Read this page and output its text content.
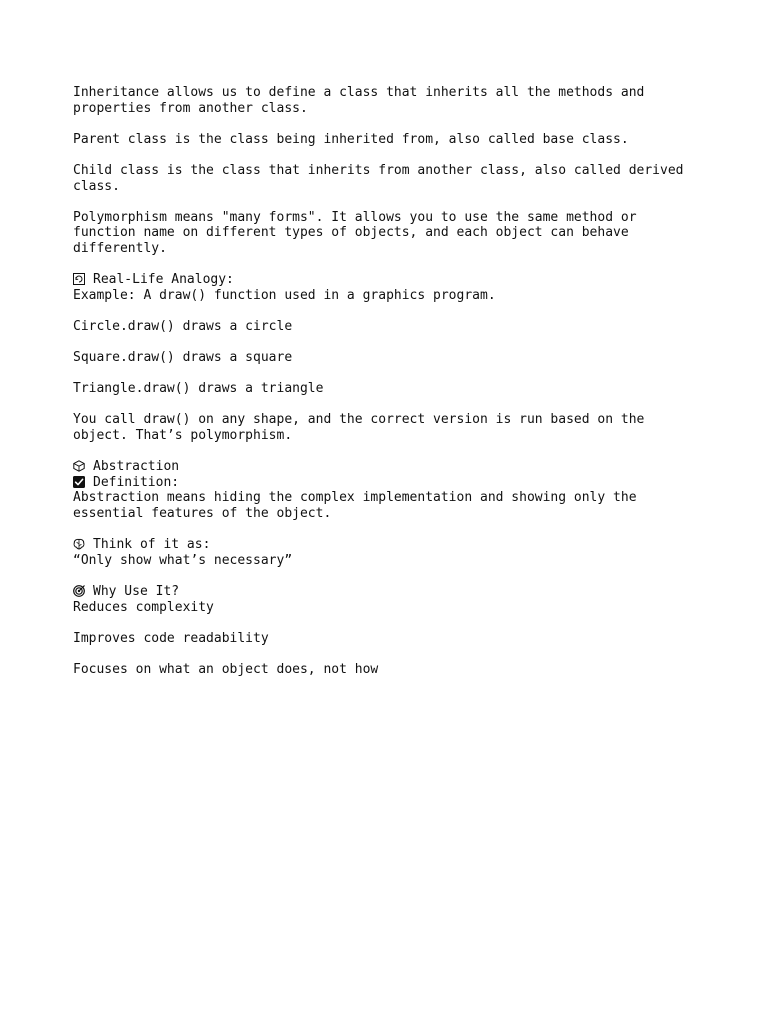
Inheritance allows us to define a class that inherits all the methods and
properties from another class.
Parent class is the class being inherited from, also called base class.
Child class is the class that inherits from another class, also called derived
class.
Polymorphism means "many forms". It allows you to use the same method or
function name on different types of objects, and each object can behave
differently.
Real-Life Analogy:
Example: A draw() function used in a graphics program.
Circle.draw() draws a circle
Square.draw() draws a square
Triangle.draw() draws a triangle
You call draw() on any shape, and the correct version is run based on the
object. That’s polymorphism.
Abstraction
Definition:
Abstraction means hiding the complex implementation and showing only the
essential features of the object.
Think of it as:
“Only show what’s necessary”
Why Use It?
Reduces complexity
Improves code readability
Focuses on what an object does, not how
